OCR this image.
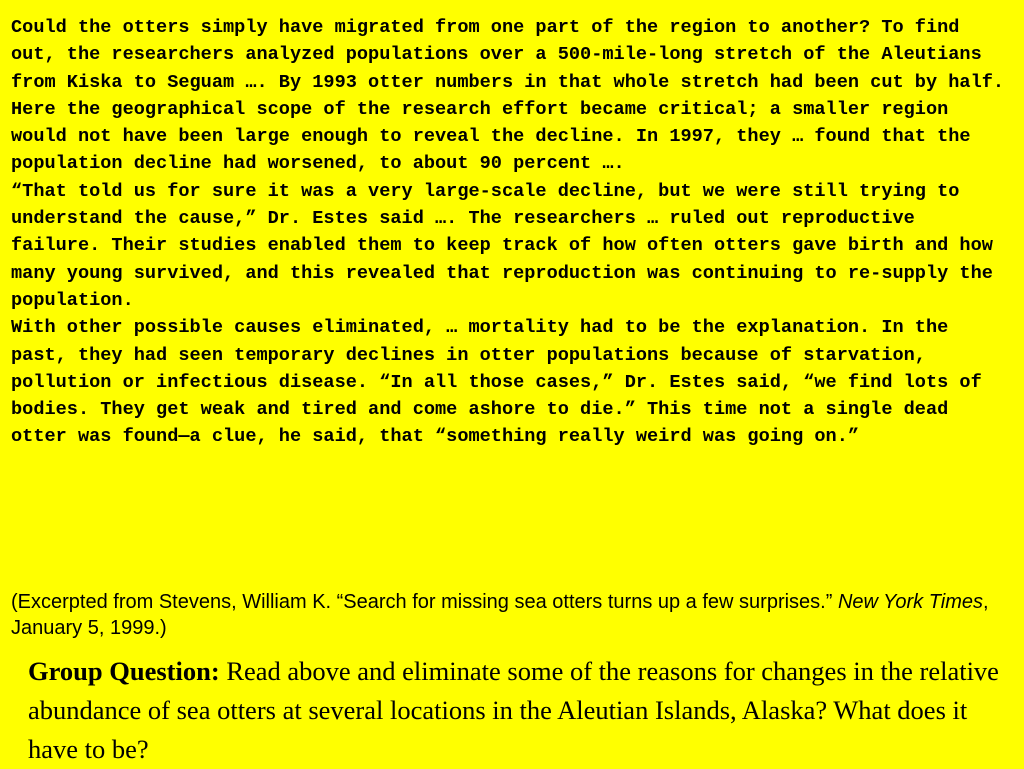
Could the otters simply have migrated from one part of the region to another? To find out, the researchers analyzed populations over a 500-mile-long stretch of the Aleutians from Kiska to Seguam …. By 1993 otter numbers in that whole stretch had been cut by half. Here the geographical scope of the research effort became critical; a smaller region would not have been large enough to reveal the decline. In 1997, they … found that the population decline had worsened, to about 90 percent ….

“That told us for sure it was a very large-scale decline, but we were still trying to understand the cause,” Dr. Estes said …. The researchers … ruled out reproductive failure. Their studies enabled them to keep track of how often otters gave birth and how many young survived, and this revealed that reproduction was continuing to re-supply the population.

With other possible causes eliminated, … mortality had to be the explanation. In the past, they had seen temporary declines in otter populations because of starvation, pollution or infectious disease. “In all those cases,” Dr. Estes said, “we find lots of bodies. They get weak and tired and come ashore to die.” This time not a single dead otter was found—a clue, he said, that “something really weird was going on.”

(Excerpted from Stevens, William K. “Search for missing sea otters turns up a few surprises.” New York Times, January 5, 1999.)

Group Question: Read above and eliminate some of the reasons for changes in the relative abundance of sea otters at several locations in the Aleutian Islands, Alaska? What does it have to be?
